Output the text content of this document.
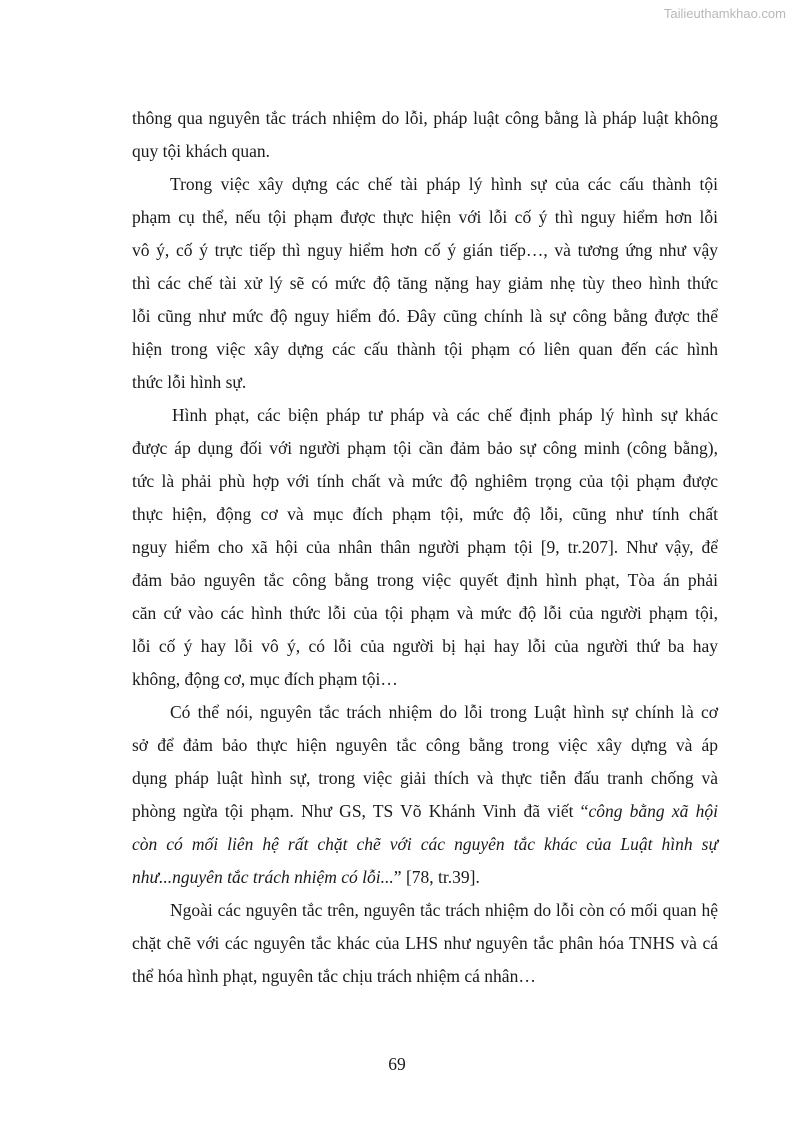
Tailieuthamkhao.com
thông qua nguyên tắc trách nhiệm do lỗi, pháp luật công bằng là pháp luật không
quy tội khách quan.
Trong việc xây dựng các chế tài pháp lý hình sự của các cấu thành tội
phạm cụ thể, nếu tội phạm được thực hiện với lỗi cố ý thì nguy hiểm hơn lỗi
vô ý, cố ý trực tiếp thì nguy hiểm hơn cố ý gián tiếp…, và tương ứng như vậy
thì các chế tài xử lý sẽ có mức độ tăng nặng hay giảm nhẹ tùy theo hình thức
lỗi cũng như mức độ nguy hiểm đó. Đây cũng chính là sự công bằng được thể
hiện trong việc xây dựng các cấu thành tội phạm có liên quan đến các hình
thức lỗi hình sự.
Hình phạt, các biện pháp tư pháp và các chế định pháp lý hình sự khác
được áp dụng đối với người phạm tội cần đảm bảo sự công minh (công bằng),
tức là phải phù hợp với tính chất và mức độ nghiêm trọng của tội phạm được
thực hiện, động cơ và mục đích phạm tội, mức độ lỗi, cũng như tính chất
nguy hiểm cho xã hội của nhân thân người phạm tội [9, tr.207]. Như vậy, để
đảm bảo nguyên tắc công bằng trong việc quyết định hình phạt, Tòa án phải
căn cứ vào các hình thức lỗi của tội phạm và mức độ lỗi của người phạm tội,
lỗi cố ý hay lỗi vô ý, có lỗi của người bị hại hay lỗi của người thứ ba hay
không, động cơ, mục đích phạm tội…
Có thể nói, nguyên tắc trách nhiệm do lỗi trong Luật hình sự chính là cơ
sở để đảm bảo thực hiện nguyên tắc công bằng trong việc xây dựng và áp
dụng pháp luật hình sự, trong việc giải thích và thực tiễn đấu tranh chống và
phòng ngừa tội phạm. Như GS, TS Võ Khánh Vinh đã viết “công bằng xã hội
còn có mối liên hệ rất chặt chẽ với các nguyên tắc khác của Luật hình sự
như...nguyên tắc trách nhiệm có lỗi...” [78, tr.39].
Ngoài các nguyên tắc trên, nguyên tắc trách nhiệm do lỗi còn có mối quan hệ
chặt chẽ với các nguyên tắc khác của LHS như nguyên tắc phân hóa TNHS và cá
thể hóa hình phạt, nguyên tắc chịu trách nhiệm cá nhân…
69
